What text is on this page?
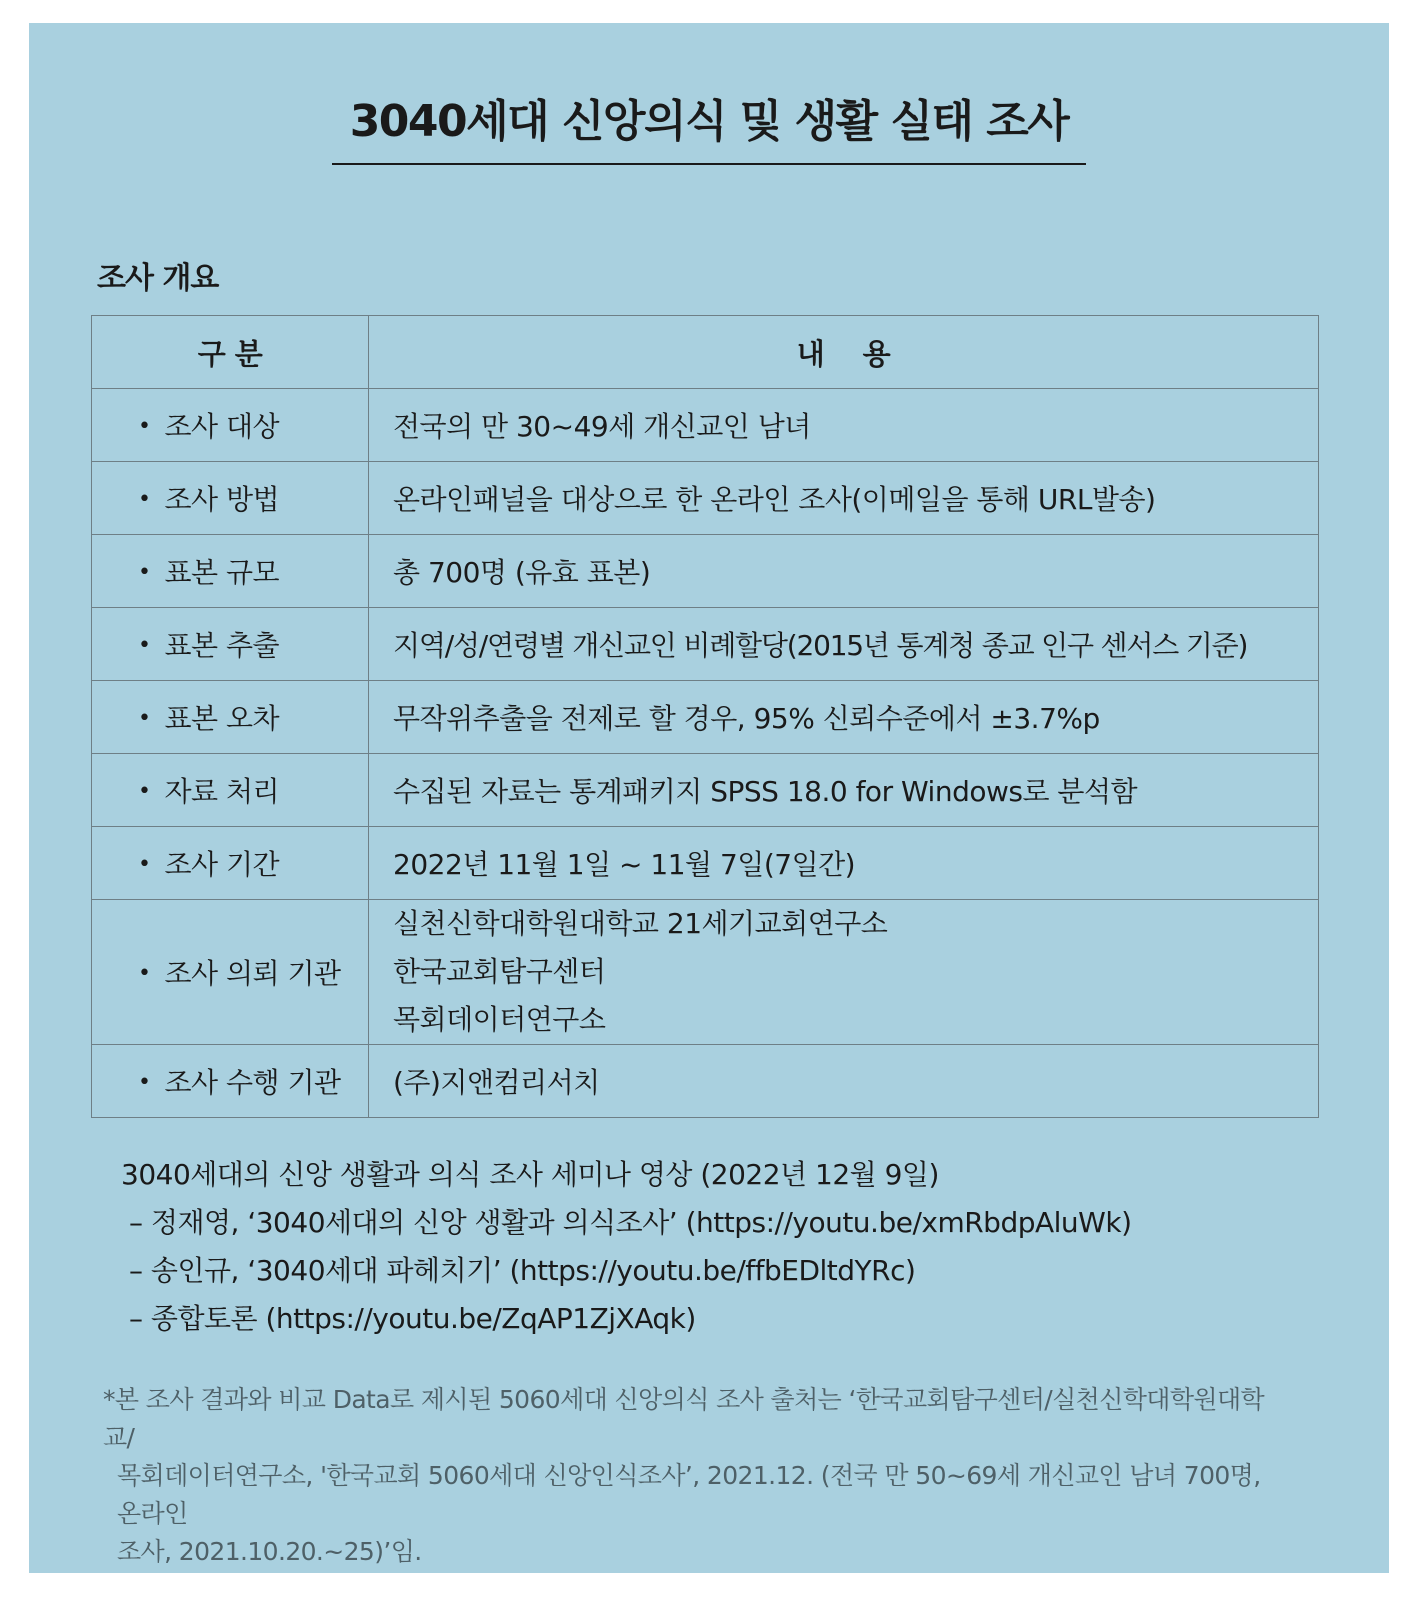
3040세대 신앙의식 및 생활 실태 조사
조사 개요
구 분	내    용
• 조사 대상	전국의 만 30~49세 개신교인 남녀
• 조사 방법	온라인패널을 대상으로 한 온라인 조사(이메일을 통해 URL발송)
• 표본 규모	총 700명 (유효 표본)
• 표본 추출	지역/성/연령별 개신교인 비례할당(2015년 통계청 종교 인구 센서스 기준)
• 표본 오차	무작위추출을 전제로 할 경우, 95% 신뢰수준에서 ±3.7%p
• 자료 처리	수집된 자료는 통계패키지 SPSS 18.0 for Windows로 분석함
• 조사 기간	2022년 11월 1일 ~ 11월 7일(7일간)
• 조사 의뢰 기관	실천신학대학원대학교 21세기교회연구소
한국교회탐구센터
목회데이터연구소

• 조사 수행 기관	(주)지앤컴리서치
3040세대의 신앙 생활과 의식 조사 세미나 영상 (2022년 12월 9일)
– 정재영, ‘3040세대의 신앙 생활과 의식조사’ (https://youtu.be/xmRbdpAluWk)
– 송인규, ‘3040세대 파헤치기’ (https://youtu.be/ffbEDltdYRc)
– 종합토론 (https://youtu.be/ZqAP1ZjXAqk)
*본 조사 결과와 비교 Data로 제시된 5060세대 신앙의식 조사 출처는 ‘한국교회탐구센터/실천신학대학원대학교/
목회데이터연구소, '한국교회 5060세대 신앙인식조사’, 2021.12. (전국 만 50~69세 개신교인 남녀 700명, 온라인
조사, 2021.10.20.~25)’임.
